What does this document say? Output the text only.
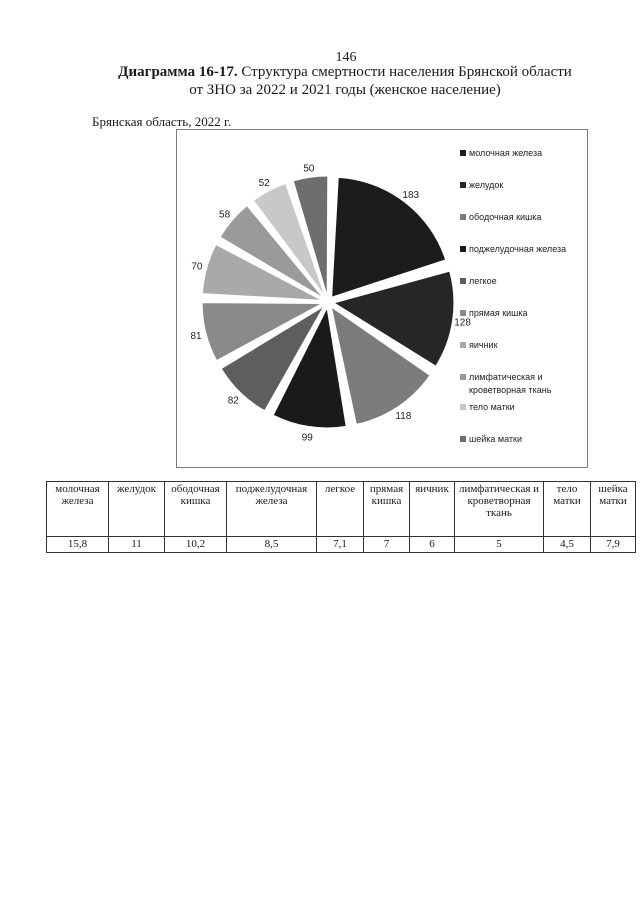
146
Диаграмма 16-17. Структура смертности населения Брянской области
от ЗНО за 2022 и 2021 годы (женское население)
Брянская область, 2022 г.
183
128
118
99
82
81
70
58
52
50
молочная железа
желудок
ободочная кишка
поджелудочная железа
легкое
прямая кишка
яичник
лимфатическая и
кроветворная ткань
тело матки
шейка матки
молочная железа	желудок	ободочная кишка	поджелудочная железа	легкое	прямая кишка	яичник	лимфатическая и кроветворная ткань	тело матки	шейка матки
15,8	11	10,2	8,5	7,1	7	6	5	4,5	7,9
